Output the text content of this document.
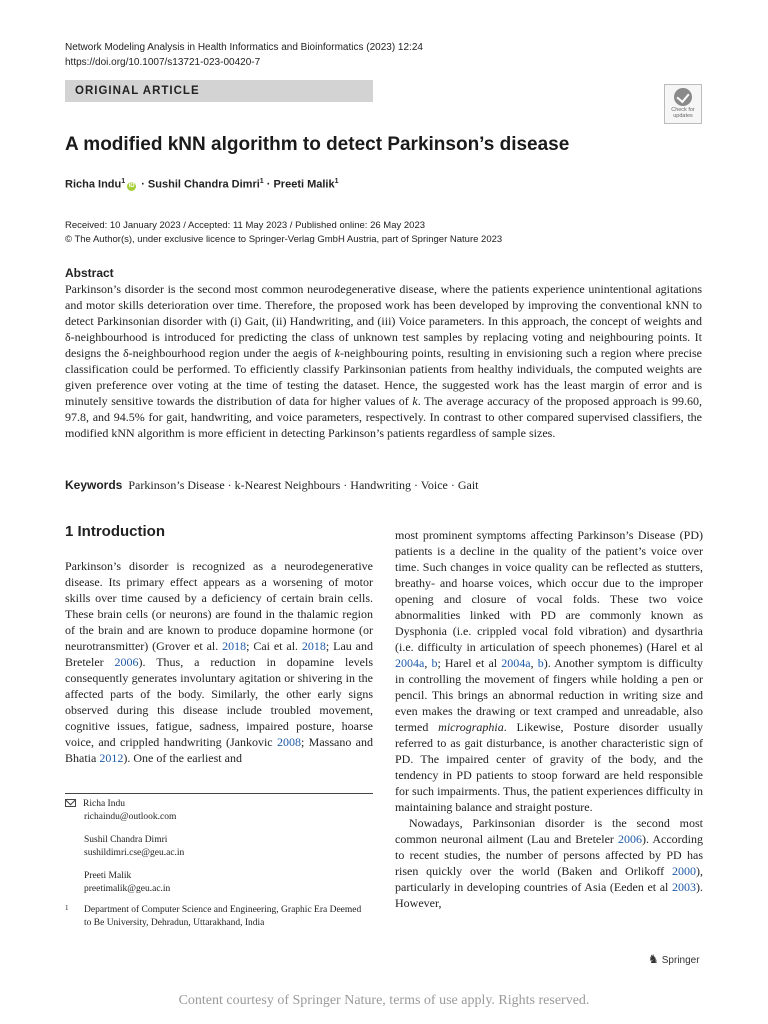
Network Modeling Analysis in Health Informatics and Bioinformatics (2023) 12:24
https://doi.org/10.1007/s13721-023-00420-7
ORIGINAL ARTICLE
Check for
updates
A modified kNN algorithm to detect Parkinson’s disease
Richa Indu$^1$iD · Sushil Chandra Dimri$^1$ · Preeti Malik$^1$
Received: 10 January 2023 / Accepted: 11 May 2023 / Published online: 26 May 2023
© The Author(s), under exclusive licence to Springer-Verlag GmbH Austria, part of Springer Nature 2023
Abstract
Parkinson’s disorder is the second most common neurodegenerative disease, where the patients experience unintentional agitations and motor skills deterioration over time. Therefore, the proposed work has been developed by improving the conventional kNN to detect Parkinsonian disorder with (i) Gait, (ii) Handwriting, and (iii) Voice parameters. In this approach, the concept of weights and δ-neighbourhood is introduced for predicting the class of unknown test samples by replacing voting and neighbouring points. It designs the δ-neighbourhood region under the aegis of k-neighbouring points, resulting in envisioning such a region where precise classification could be performed. To efficiently classify Parkinsonian patients from healthy individuals, the computed weights are given preference over voting at the time of testing the dataset. Hence, the suggested work has the least margin of error and is minutely sensitive towards the distribution of data for higher values of k. The average accuracy of the proposed approach is 99.60, 97.8, and 94.5% for gait, handwriting, and voice parameters, respectively. In contrast to other compared supervised classifiers, the modified kNN algorithm is more efficient in detecting Parkinson’s patients regardless of sample sizes.
Keywords Parkinson’s Disease · k-Nearest Neighbours · Handwriting · Voice · Gait
1 Introduction

Parkinson’s disorder is recognized as a neurodegenerative disease. Its primary effect appears as a worsening of motor skills over time caused by a deficiency of certain brain cells. These brain cells (or neurons) are found in the thalamic region of the brain and are known to produce dopamine hormone (or neurotransmitter) (Grover et al. 2018; Cai et al. 2018; Lau and Breteler 2006). Thus, a reduction in dopamine levels consequently generates involuntary agitation or shivering in the affected parts of the body. Similarly, the other early signs observed during this disease include troubled movement, cognitive issues, fatigue, sadness, impaired posture, hoarse voice, and crippled handwriting (Jankovic 2008; Massano and Bhatia 2012). One of the earliest and

most prominent symptoms affecting Parkinson’s Disease (PD) patients is a decline in the quality of the patient’s voice over time. Such changes in voice quality can be reflected as stutters, breathy- and hoarse voices, which occur due to the improper opening and closure of vocal folds. These two voice abnormalities linked with PD are commonly known as Dysphonia (i.e. crippled vocal fold vibration) and dysarthria (i.e. difficulty in articulation of speech phonemes) (Harel et al 2004a, b; Harel et al 2004a, b). Another symptom is difficulty in controlling the movement of fingers while holding a pen or pencil. This brings an abnormal reduction in writing size and even makes the drawing or text cramped and unreadable, also termed micrographia. Likewise, Posture disorder usually referred to as gait disturbance, is another characteristic sign of PD. The impaired center of gravity of the body, and the tendency in PD patients to stoop forward are held responsible for such impairments. Thus, the patient experiences difficulty in maintaining balance and straight posture.

Nowadays, Parkinsonian disorder is the second most common neuronal ailment (Lau and Breteler 2006). According to recent studies, the number of persons affected by PD has risen quickly over the world (Baken and Orlikoff 2000), particularly in developing countries of Asia (Eeden et al 2003). However,

Richa Indu
richaindu@outlook.com
Sushil Chandra Dimri
sushildimri.cse@geu.ac.in
Preeti Malik
preetimalik@geu.ac.in
1 Department of Computer Science and Engineering, Graphic Era Deemed to Be University, Dehradun, Uttarakhand, India
♞ Springer
Content courtesy of Springer Nature, terms of use apply. Rights reserved.
